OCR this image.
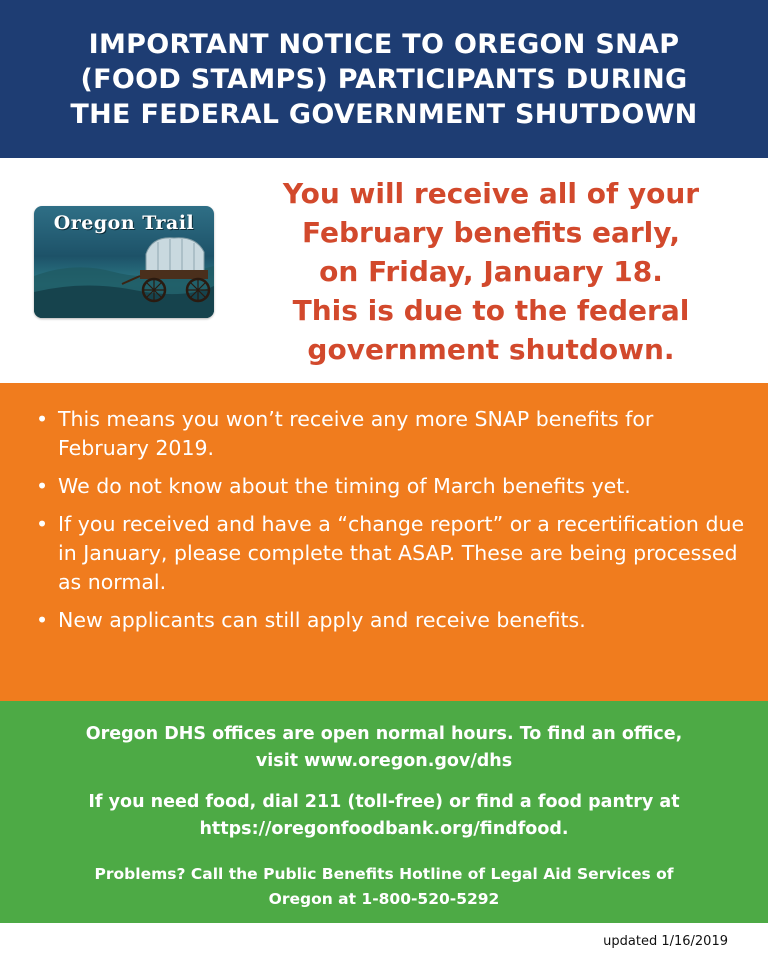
IMPORTANT NOTICE TO OREGON SNAP
(FOOD STAMPS) PARTICIPANTS DURING
THE FEDERAL GOVERNMENT SHUTDOWN
Oregon Trail
You will receive all of your
February benefits early,
on Friday, January 18.
This is due to the federal
government shutdown.
• This means you won’t receive any more SNAP benefits for February 2019.
• We do not know about the timing of March benefits yet.
• If you received and have a “change report” or a recertification due in January, please complete that ASAP. These are being processed as normal.
• New applicants can still apply and receive benefits.
Oregon DHS offices are open normal hours. To find an office,
visit www.oregon.gov/dhs
If you need food, dial 211 (toll-free) or find a food pantry at
https://oregonfoodbank.org/findfood.
Problems? Call the Public Benefits Hotline of Legal Aid Services of
Oregon at 1-800-520-5292
updated 1/16/2019
